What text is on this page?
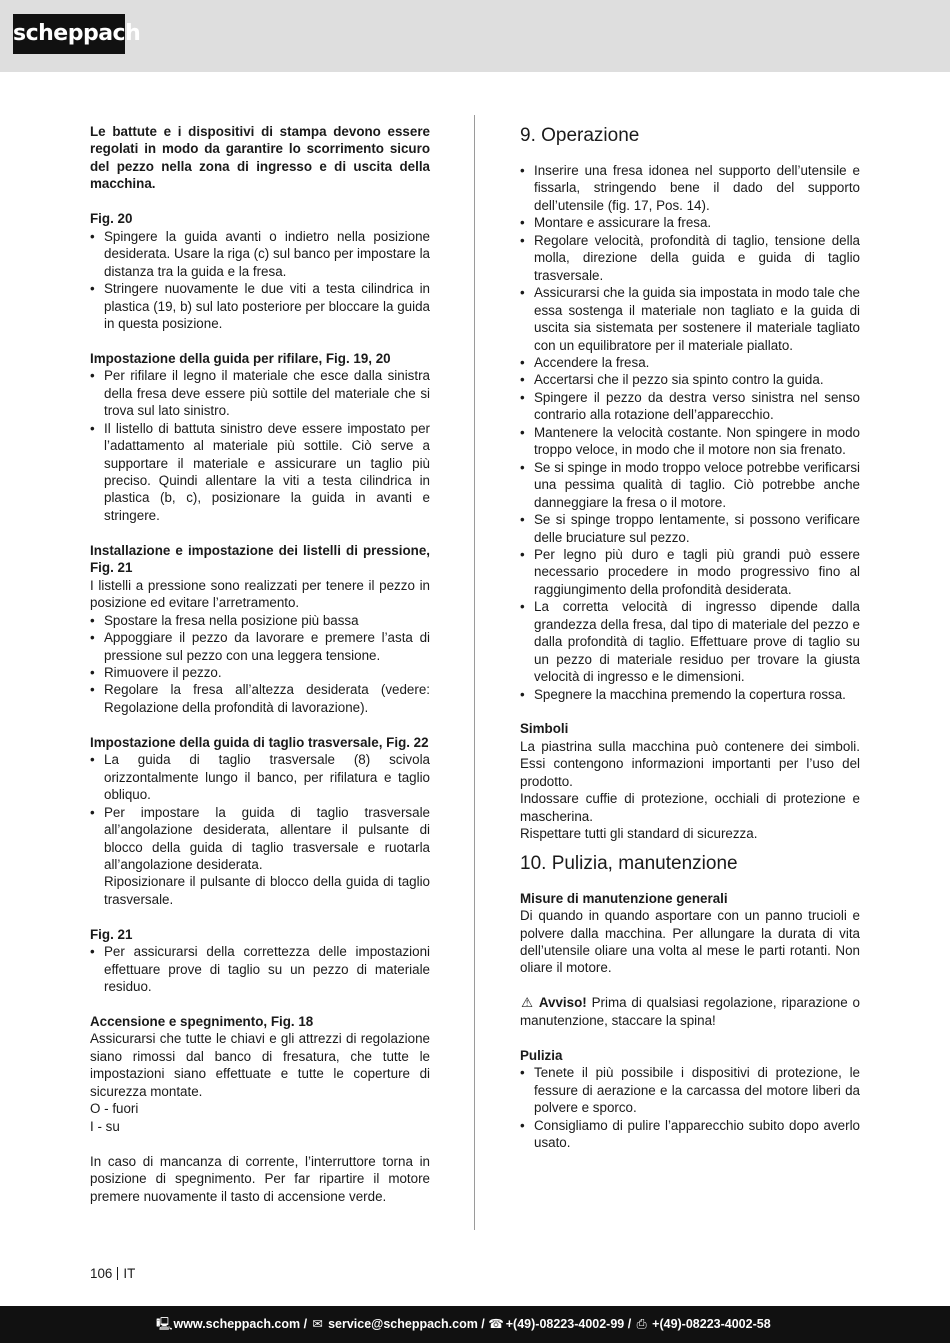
scheppach

Le battute e i dispositivi di stampa devono essere regolati in modo da garantire lo scorrimento sicuro del pezzo nella zona di ingresso e di uscita della macchina.

Fig. 20

• Spingere la guida avanti o indietro nella posizione desiderata. Usare la riga (c) sul banco per impostare la distanza tra la guida e la fresa.
• Stringere nuovamente le due viti a testa cilindrica in plastica (19, b) sul lato posteriore per bloccare la guida in questa posizione.

Impostazione della guida per rifilare, Fig. 19, 20

• Per rifilare il legno il materiale che esce dalla sinistra della fresa deve essere più sottile del materiale che si trova sul lato sinistro.
• Il listello di battuta sinistro deve essere impostato per l’adattamento al materiale più sottile. Ciò serve a supportare il materiale e assicurare un taglio più preciso. Quindi allentare la viti a testa cilindrica in plastica (b, c), posizionare la guida in avanti e stringere.

Installazione e impostazione dei listelli di pressione, Fig. 21

I listelli a pressione sono realizzati per tenere il pezzo in posizione ed evitare l’arretramento.

• Spostare la fresa nella posizione più bassa
• Appoggiare il pezzo da lavorare e premere l’asta di pressione sul pezzo con una leggera tensione.
• Rimuovere il pezzo.
• Regolare la fresa all’altezza desiderata (vedere: Regolazione della profondità di lavorazione).

Impostazione della guida di taglio trasversale, Fig. 22

• La guida di taglio trasversale (8) scivola orizzontalmente lungo il banco, per rifilatura e taglio obliquo.
• Per impostare la guida di taglio trasversale all’angolazione desiderata, allentare il pulsante di blocco della guida di taglio trasversale e ruotarla all’angolazione desiderata.

Riposizionare il pulsante di blocco della guida di taglio trasversale.

Fig. 21

• Per assicurarsi della correttezza delle impostazioni effettuare prove di taglio su un pezzo di materiale residuo.

Accensione e spegnimento, Fig. 18

Assicurarsi che tutte le chiavi e gli attrezzi di regolazione siano rimossi dal banco di fresatura, che tutte le impostazioni siano effettuate e tutte le coperture di sicurezza montate.

O - fuori

I - su

In caso di mancanza di corrente, l’interruttore torna in posizione di spegnimento. Per far ripartire il motore premere nuovamente il tasto di accensione verde.

9. Operazione
• Inserire una fresa idonea nel supporto dell’utensile e fissarla, stringendo bene il dado del supporto dell’utensile (fig. 17, Pos. 14).
• Montare e assicurare la fresa.
• Regolare velocità, profondità di taglio, tensione della molla, direzione della guida e guida di taglio trasversale.
• Assicurarsi che la guida sia impostata in modo tale che essa sostenga il materiale non tagliato e la guida di uscita sia sistemata per sostenere il materiale tagliato con un equilibratore per il materiale piallato.
• Accendere la fresa.
• Accertarsi che il pezzo sia spinto contro la guida.
• Spingere il pezzo da destra verso sinistra nel senso contrario alla rotazione dell’apparecchio.
• Mantenere la velocità costante. Non spingere in modo troppo veloce, in modo che il motore non sia frenato.
• Se si spinge in modo troppo veloce potrebbe verificarsi una pessima qualità di taglio. Ciò potrebbe anche danneggiare la fresa o il motore.
• Se si spinge troppo lentamente, si possono verificare delle bruciature sul pezzo.
• Per legno più duro e tagli più grandi può essere necessario procedere in modo progressivo fino al raggiungimento della profondità desiderata.
• La corretta velocità di ingresso dipende dalla grandezza della fresa, dal tipo di materiale del pezzo e dalla profondità di taglio. Effettuare prove di taglio su un pezzo di materiale residuo per trovare la giusta velocità di ingresso e le dimensioni.
• Spegnere la macchina premendo la copertura rossa.

Simboli

La piastrina sulla macchina può contenere dei simboli. Essi contengono informazioni importanti per l’uso del prodotto.

Indossare cuffie di protezione, occhiali di protezione e mascherina.

Rispettare tutti gli standard di sicurezza.

10. Pulizia, manutenzione

Misure di manutenzione generali

Di quando in quando asportare con un panno trucioli e polvere dalla macchina. Per allungare la durata di vita dell’utensile oliare una volta al mese le parti rotanti. Non oliare il motore.

⚠ Avviso! Prima di qualsiasi regolazione, riparazione o manutenzione, staccare la spina!

Pulizia

• Tenete il più possibile i dispositivi di protezione, le fessure di aerazione e la carcassa del motore liberi da polvere e sporco.
• Consigliamo di pulire l’apparecchio subito dopo averlo usato.
106 IT
🖳 www.scheppach.com / ✉ service@scheppach.com / ☎ +(49)-08223-4002-99 / ⎙ +(49)-08223-4002-58
